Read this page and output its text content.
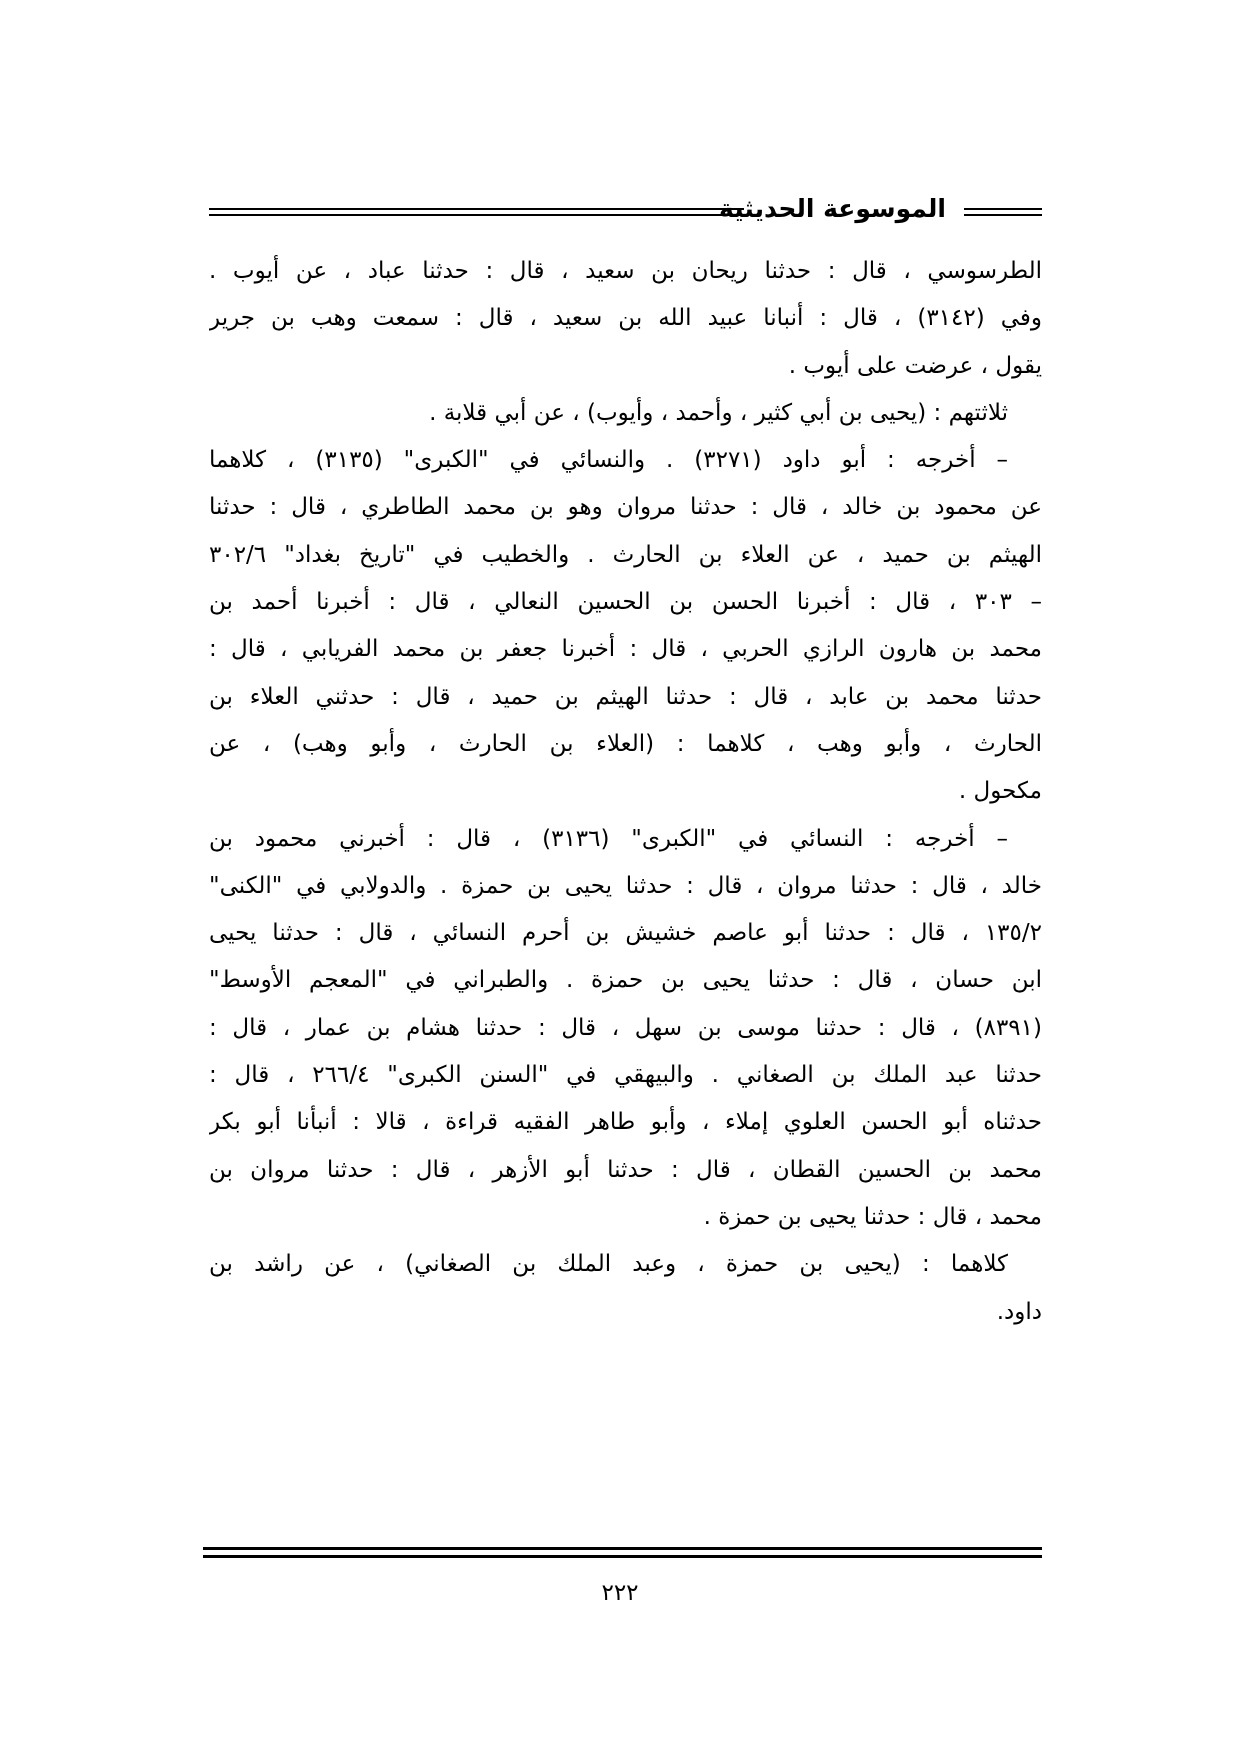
الموسوعة الحديثية
الطرسوسي ، قال : حدثنا ريحان بن سعيد ، قال : حدثنا عباد ، عن أيوب .
وفي (٣١٤٢) ، قال : أنبانا عبيد الله بن سعيد ، قال : سمعت وهب بن جرير
يقول ، عرضت على أيوب .
ثلاثتهم : (يحيى بن أبي كثير ، وأحمد ، وأيوب) ، عن أبي قلابة .
– أخرجه : أبو داود (٣٢٧١) . والنسائي في "الكبرى" (٣١٣٥) ، كلاهما
عن محمود بن خالد ، قال : حدثنا مروان وهو بن محمد الطاطري ، قال : حدثنا
الهيثم بن حميد ، عن العلاء بن الحارث . والخطيب في "تاريخ بغداد" ٣٠٢/٦
– ٣٠٣ ، قال : أخبرنا الحسن بن الحسين النعالي ، قال : أخبرنا أحمد بن
محمد بن هارون الرازي الحربي ، قال : أخبرنا جعفر بن محمد الفريابي ، قال :
حدثنا محمد بن عابد ، قال : حدثنا الهيثم بن حميد ، قال : حدثني العلاء بن
الحارث ، وأبو وهب ، كلاهما : (العلاء بن الحارث ، وأبو وهب) ، عن
مكحول .
– أخرجه : النسائي في "الكبرى" (٣١٣٦) ، قال : أخبرني محمود بن
خالد ، قال : حدثنا مروان ، قال : حدثنا يحيى بن حمزة . والدولابي في "الكنى"
١٣٥/٢ ، قال : حدثنا أبو عاصم خشيش بن أحرم النسائي ، قال : حدثنا يحيى
ابن حسان ، قال : حدثنا يحيى بن حمزة . والطبراني في "المعجم الأوسط"
(٨٣٩١) ، قال : حدثنا موسى بن سهل ، قال : حدثنا هشام بن عمار ، قال :
حدثنا عبد الملك بن الصغاني . والبيهقي في "السنن الكبرى" ٢٦٦/٤ ، قال :
حدثناه أبو الحسن العلوي إملاء ، وأبو طاهر الفقيه قراءة ، قالا : أنبأنا أبو بكر
محمد بن الحسين القطان ، قال : حدثنا أبو الأزهر ، قال : حدثنا مروان بن
محمد ، قال : حدثنا يحيى بن حمزة .
كلاهما : (يحيى بن حمزة ، وعبد الملك بن الصغاني) ، عن راشد بن
داود.
٢٢٢
